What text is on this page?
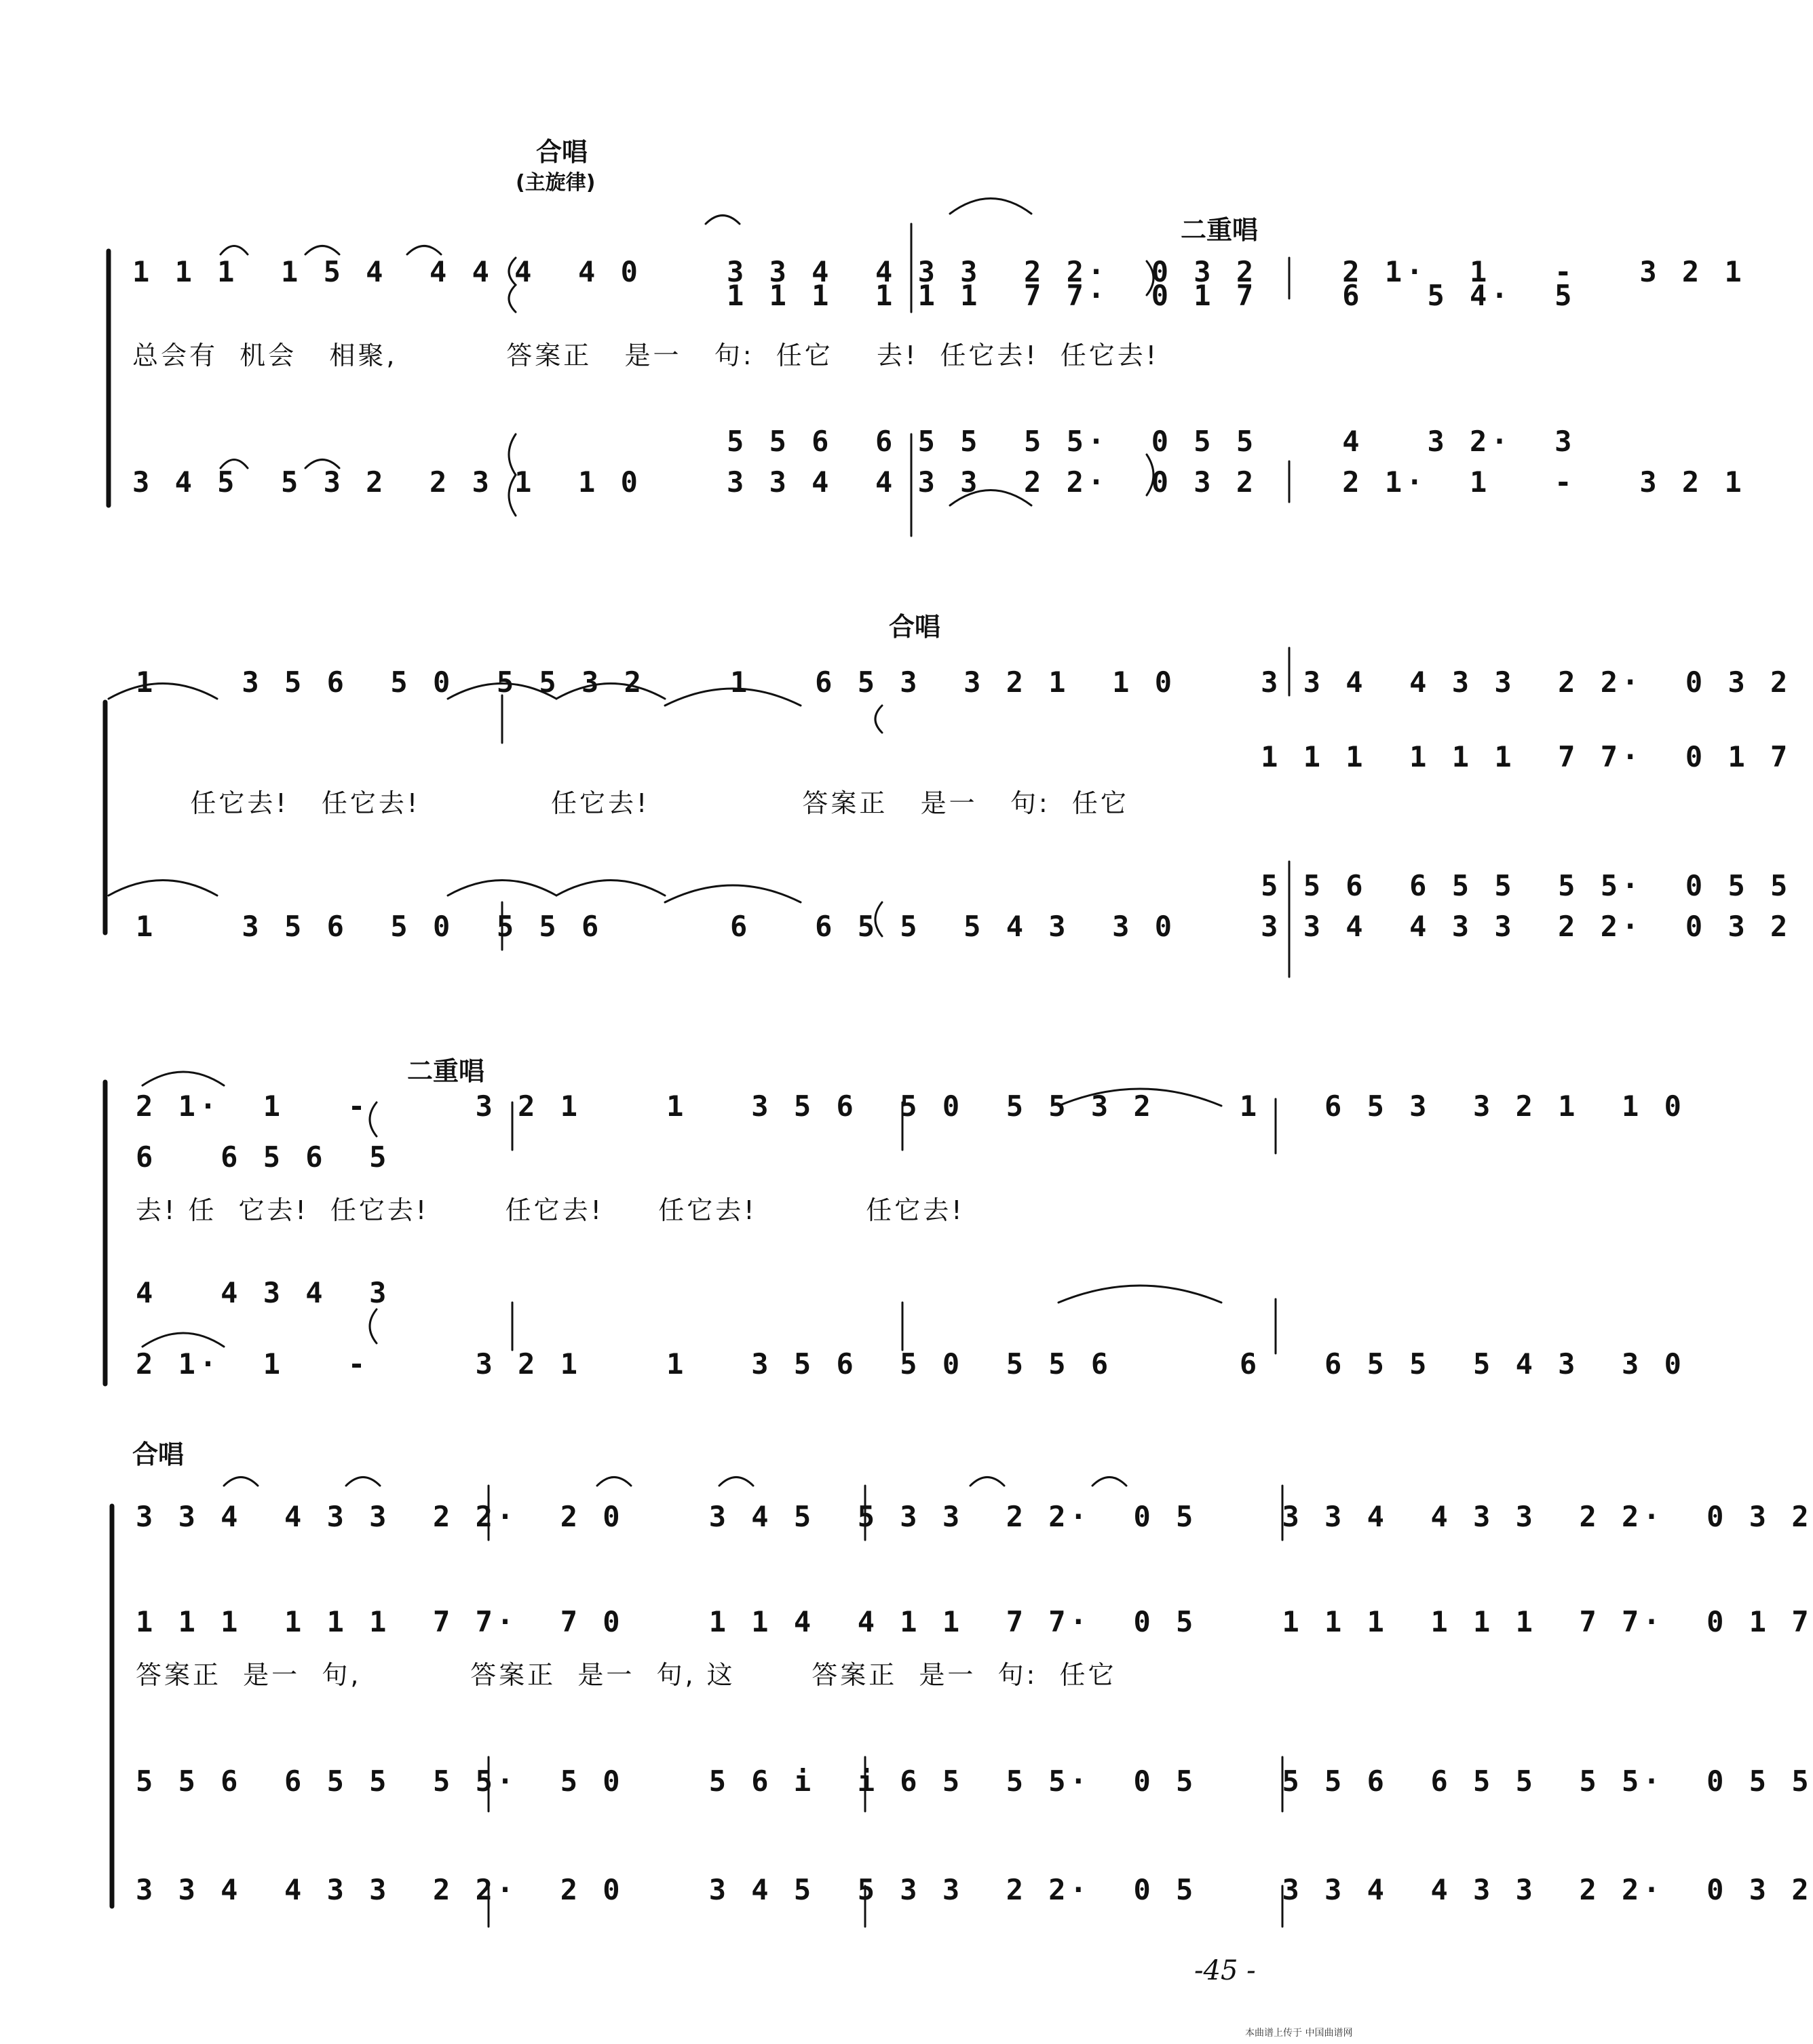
合唱
(主旋律)
二重唱
合唱
二重唱
合唱
1 1 1  1 5 4  4 4 4  4 0    3 3 4  4 3 3  2 2·  0 3 2    2 1·  1   -   3 2 1
1 1 1  1 1 1  7 7·  0 1 7    6   5 4·  5
总会有  机会   相聚,          答案正   是一   句:  任它    去!  任它去!  任它去!
5 5 6  6 5 5  5 5·  0 5 5    4   3 2·  3
3 4 5  5 3 2  2 3 1  1 0    3 3 4  4 3 3  2 2·  0 3 2    2 1·  1   -   3 2 1
1    3 5 6  5 0  5 5 3 2    1   6 5 3  3 2 1  1 0    3 3 4  4 3 3  2 2·  0 3 2
1 1 1  1 1 1  7 7·  0 1 7
任它去!   任它去!            任它去!              答案正   是一   句:  任它
5 5 6  6 5 5  5 5·  0 5 5
1    3 5 6  5 0  5 5 6      6   6 5 5  5 4 3  3 0    3 3 4  4 3 3  2 2·  0 3 2
2 1·  1   -     3 2 1    1   3 5 6  5 0  5 5 3 2    1   6 5 3  3 2 1  1 0
6   6 5 6  5
去! 任  它去!  任它去!       任它去!     任它去!          任它去!
4   4 3 4  3
2 1·  1   -     3 2 1    1   3 5 6  5 0  5 5 6      6   6 5 5  5 4 3  3 0
3 3 4  4 3 3  2 2·  2 0    3 4 5  5 3 3  2 2·  0 5    3 3 4  4 3 3  2 2·  0 3 2
1 1 1  1 1 1  7 7·  7 0    1 1 4  4 1 1  7 7·  0 5    1 1 1  1 1 1  7 7·  0 1 7
答案正  是一  句,          答案正  是一  句, 这       答案正  是一  句:  任它
5 5 6  6 5 5  5 5·  5 0    5 6 i  i 6 5  5 5·  0 5    5 5 6  6 5 5  5 5·  0 5 5
3 3 4  4 3 3  2 2·  2 0    3 4 5  5 3 3  2 2·  0 5    3 3 4  4 3 3  2 2·  0 3 2
-45 -
本曲谱上传于 中国曲谱网
